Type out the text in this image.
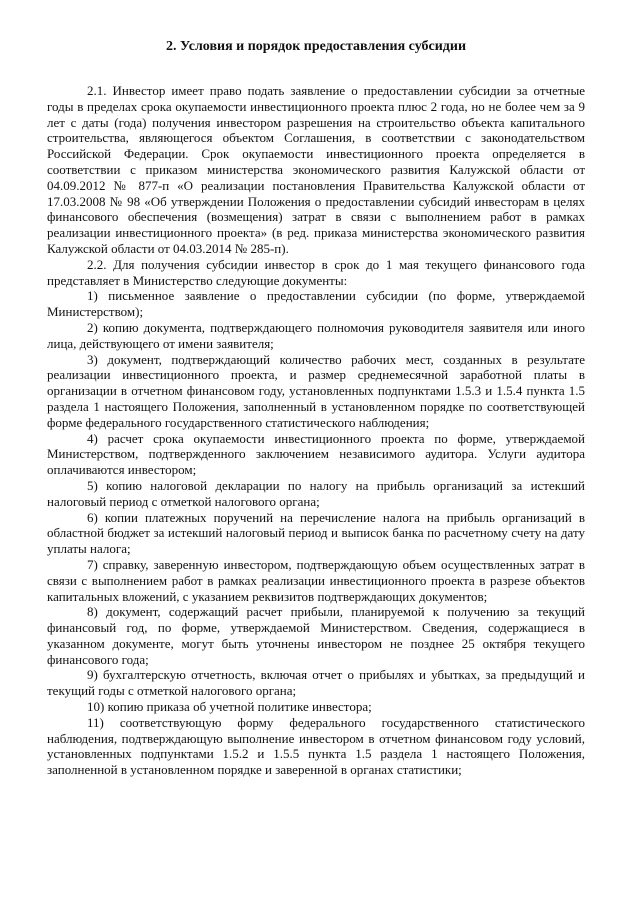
2. Условия и порядок предоставления субсидии

2.1. Инвестор имеет право подать заявление о предоставлении субсидии за отчетные годы в пределах срока окупаемости инвестиционного проекта плюс 2 года, но не более чем за 9 лет с даты (года) получения инвестором разрешения на строительство объекта капитального строительства, являющегося объектом Соглашения, в соответствии с законодательством Российской Федерации. Срок окупаемости инвестиционного проекта определяется в соответствии с приказом министерства экономического развития Калужской области от 04.09.2012 № 877-п «О реализации постановления Правительства Калужской области от 17.03.2008 № 98 «Об утверждении Положения о предоставлении субсидий инвесторам в целях финансового обеспечения (возмещения) затрат в связи с выполнением работ в рамках реализации инвестиционного проекта» (в ред. приказа министерства экономического развития Калужской области от 04.03.2014 № 285-п).

2.2. Для получения субсидии инвестор в срок до 1 мая текущего финансового года представляет в Министерство следующие документы:

1) письменное заявление о предоставлении субсидии (по форме, утверждаемой Министерством);

2) копию документа, подтверждающего полномочия руководителя заявителя или иного лица, действующего от имени заявителя;

3) документ, подтверждающий количество рабочих мест, созданных в результате реализации инвестиционного проекта, и размер среднемесячной заработной платы в организации в отчетном финансовом году, установленных подпунктами 1.5.3 и 1.5.4 пункта 1.5 раздела 1 настоящего Положения, заполненный в установленном порядке по соответствующей форме федерального государственного статистического наблюдения;

4) расчет срока окупаемости инвестиционного проекта по форме, утверждаемой Министерством, подтвержденного заключением независимого аудитора. Услуги аудитора оплачиваются инвестором;

5) копию налоговой декларации по налогу на прибыль организаций за истекший налоговый период с отметкой налогового органа;

6) копии платежных поручений на перечисление налога на прибыль организаций в областной бюджет за истекший налоговый период и выписок банка по расчетному счету на дату уплаты налога;

7) справку, заверенную инвестором, подтверждающую объем осуществленных затрат в связи с выполнением работ в рамках реализации инвестиционного проекта в разрезе объектов капитальных вложений, с указанием реквизитов подтверждающих документов;

8) документ, содержащий расчет прибыли, планируемой к получению за текущий финансовый год, по форме, утверждаемой Министерством. Сведения, содержащиеся в указанном документе, могут быть уточнены инвестором не позднее 25 октября текущего финансового года;

9) бухгалтерскую отчетность, включая отчет о прибылях и убытках, за предыдущий и текущий годы с отметкой налогового органа;

10) копию приказа об учетной политике инвестора;

11) соответствующую форму федерального государственного статистического наблюдения, подтверждающую выполнение инвестором в отчетном финансовом году условий, установленных подпунктами 1.5.2 и 1.5.5 пункта 1.5 раздела 1 настоящего Положения, заполненной в установленном порядке и заверенной в органах статистики;
